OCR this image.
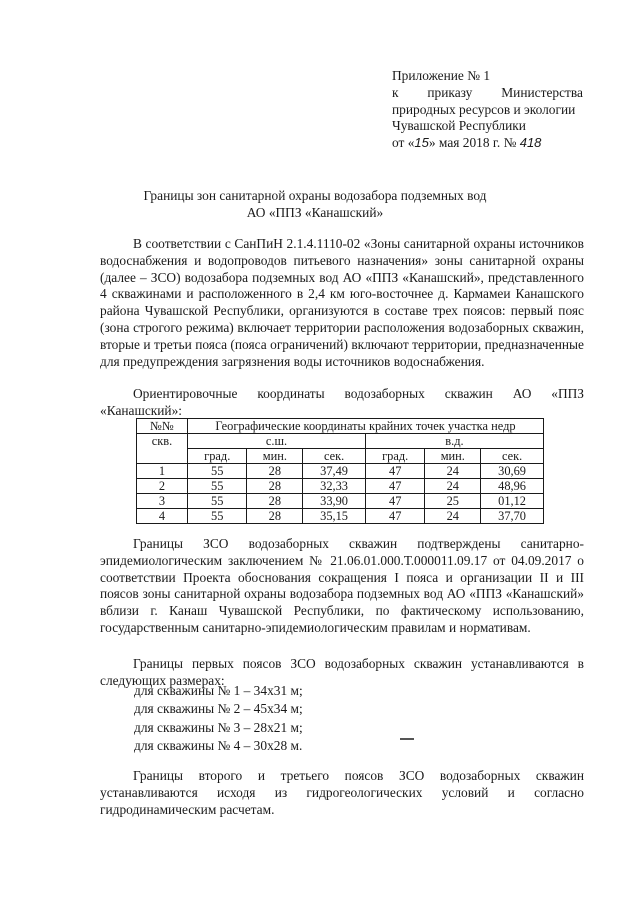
Приложение № 1
к приказу Министерства
природных ресурсов и экологии
Чувашской Республики
от «15» мая 2018 г. № 418
Границы зон санитарной охраны водозабора подземных вод
АО «ППЗ «Канашский»
В соответствии с СанПиН 2.1.4.1110-02 «Зоны санитарной охраны источников водоснабжения и водопроводов питьевого назначения» зоны санитарной охраны (далее – ЗСО) водозабора подземных вод АО «ППЗ «Канашский», представленного 4 скважинами и расположенного в 2,4 км юго-восточнее д. Кармамеи Канашского района Чувашской Республики, организуются в составе трех поясов: первый пояс (зона строгого режима) включает территории расположения водозаборных скважин, вторые и третьи пояса (пояса ограничений) включают территории, предназначенные для предупреждения загрязнения воды источников водоснабжения.
Ориентировочные координаты водозаборных скважин АО «ППЗ «Канашский»:
№№	Географические координаты крайних точек участка недр					
скв.	с.ш.			в.д.		
	град.	мин.	сек.	град.	мин.	сек.
1	55	28	37,49	47	24	30,69
2	55	28	32,33	47	24	48,96
3	55	28	33,90	47	25	01,12
4	55	28	35,15	47	24	37,70
Границы ЗСО водозаборных скважин подтверждены санитарно-эпидемиологическим заключением № 21.06.01.000.Т.000011.09.17 от 04.09.2017 о соответствии Проекта обоснования сокращения I пояса и организации II и III поясов зоны санитарной охраны водозабора подземных вод АО «ППЗ «Канашский» вблизи г. Канаш Чувашской Республики, по фактическому использованию, государственным санитарно-эпидемиологическим правилам и нормативам.
Границы первых поясов ЗСО водозаборных скважин устанавливаются в следующих размерах:
для скважины № 1 – 34х31 м;
для скважины № 2 – 45х34 м;
для скважины № 3 – 28х21 м;
для скважины № 4 – 30х28 м.
Границы второго и третьего поясов ЗСО водозаборных скважин устанавливаются исходя из гидрогеологических условий и согласно гидродинамическим расчетам.
